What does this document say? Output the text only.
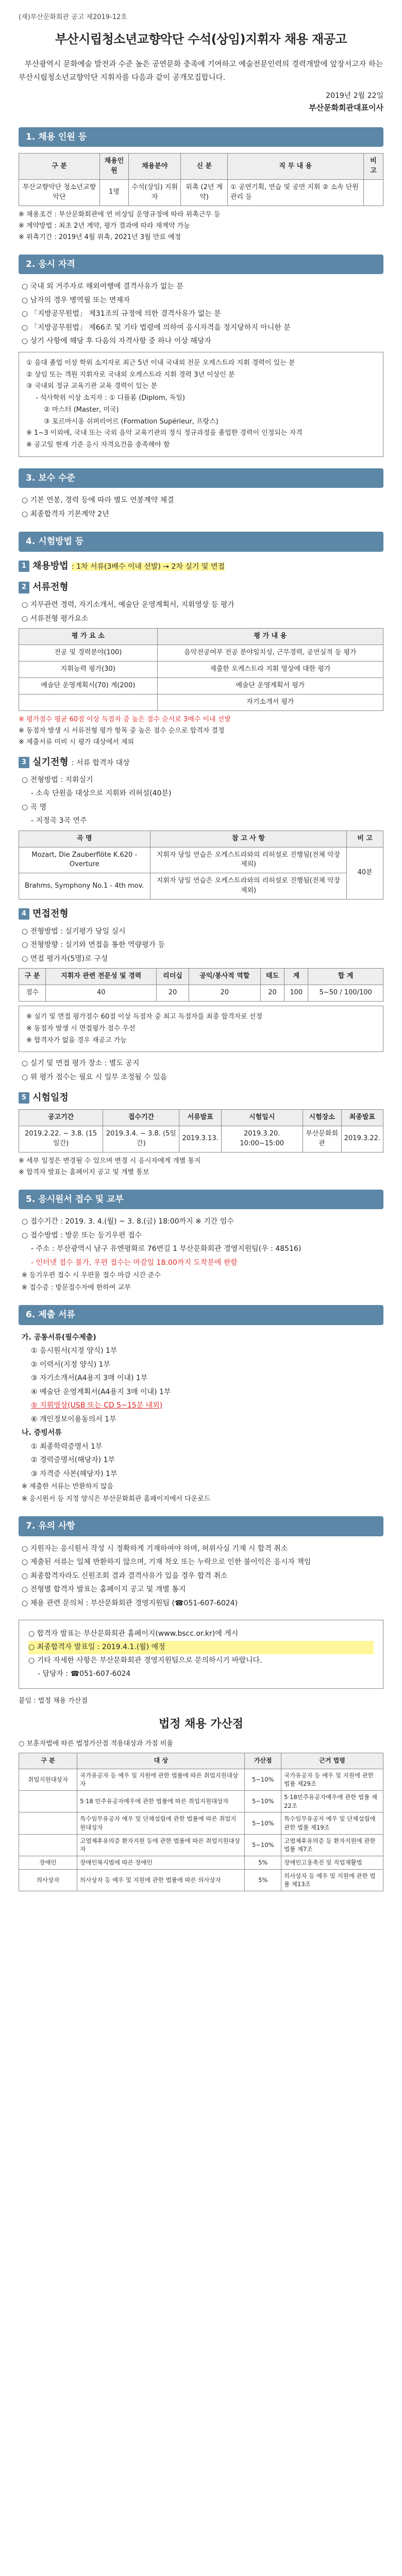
(재)부산문화회관 공고 제2019-12호
부산시립청소년교향악단 수석(상임)지휘자 채용 재공고
부산광역시 문화예술 발전과 수준 높은 공연문화 충족에 기여하고 예술전문인력의 경력개발에 앞장서고자 하는 부산시립청소년교향악단 지휘자를 다음과 같이 공개모집합니다.
2019년 2월 22일
부산문화회관대표이사
1. 채용 인원 등
구 분	채용인원	채용분야	신 분	직 무 내 용	비 고
부산교향악단 청소년교향악단	1명	수석(상임) 지휘자	위촉 (2년 계약)	① 공연기획, 연습 및 공연 지휘 ② 소속 단원관리 등	
※ 채용조건 : 부산문화회관에 연 비상임 운영규정에 따라 위촉근무 등
※ 계약방법 : 최초 2년 계약, 평가 결과에 따라 재계약 가능
※ 위촉기간 : 2019년 4월 위촉, 2021년 3월 만료 예정
2. 응시 자격
○ 국내 외 거주자로 해외여행에 결격사유가 없는 분
○ 남자의 경우 병역필 또는 면제자
○ 「지방공무원법」 제31조의 규정에 의한 결격사유가 없는 분
○ 「지방공무원법」 제66조 및 기타 법령에 의하여 응시자격을 정지당하지 아니한 분
○ 상기 사항에 해당 후 다음의 자격사항 중 하나 이상 해당자
① 음대 졸업 이상 학위 소지자로 최근 5년 이내 국내외 전문 오케스트라 지휘 경력이 있는 분
② 상임 또는 객원 지휘자로 국내외 오케스트라 지휘 경력 3년 이상인 분
③ 국내외 정규 교육기관 교육 경력이 있는 분
- 석사학위 이상 소지자 : ① 디플롬 (Diplom, 독일)
② 마스터 (Master, 미국)
③ 포르마시옹 쉬퍼리어르 (Formation Supérieur, 프랑스)
※ 1~3 이외에, 국내 또는 국외 음악 교육기관의 정식 정규과정을 졸업한 경력이 인정되는 자격
※ 공고일 현재 기준 응시 자격요건을 충족해야 함
3. 보수 수준
○ 기본 연봉, 경력 등에 따라 별도 연봉계약 체결
○ 최종합격자 기본계약 2년
4. 시험방법 등
1 채용방법 : 1차 서류(3배수 이내 선발) → 2차 실기 및 면접
2 서류전형
○ 지무관련 경력, 자기소개서, 예술단 운영계획서, 지휘영상 등 평가
○ 서류전형 평가요소
평 가 요 소	평 가 내 용
전공 및 경력분야(100)	음악전공여부 전공 분야일치성, 근무경력, 공연실적 등 평가
지휘능력 평가(30)	제출한 오케스트라 지휘 영상에 대한 평가
예술단 운영계획서(70) 계(200)	예술단 운영계획서 평가
	자기소개서 평가
※ 평가점수 평균 60점 이상 득점자 중 높은 점수 순서로 3배수 이내 선발
※ 동점자 발생 시 서류전형 평가 항목 중 높은 점수 순으로 합격자 결정
※ 제출서류 미비 시 평가 대상에서 제외
3 실기전형 : 서류 합격자 대상
○ 전형방법 : 지휘실기
- 소속 단원을 대상으로 지휘와 리허설(40분)
○ 곡 명
- 지정곡 3곡 연주
곡 명	참 고 사 항	비 고
Mozart, Die Zauberflöte K.620 - Overture	지휘자 당일 연습은 오케스트라와의 리허설로 진행됨(전체 악장 제외)	40분
Brahms, Symphony No.1 - 4th mov.	지휘자 당일 연습은 오케스트라와의 리허설로 진행됨(전체 악장 제외)	
4 면접전형
○ 전형방법 : 실기평가 당일 실시
○ 전형방향 : 실기와 면접을 통한 역량평가 등
○ 면접 평가자(5명)로 구성
구 분	지휘자 관련 전문성 및 경력	리더십	공익/봉사적 역할	태도	계	합 계
점수	40	20	20	20	100	5~50 / 100/100
※ 실기 및 면접 평가점수 60점 이상 득점자 중 최고 득점자를 최종 합격자로 선정
※ 동점자 발생 시 면접평가 점수 우선
※ 합격자가 없을 경우 재공고 가능
○ 실기 및 면접 평가 장소 : 별도 공지
○ 위 평가 점수는 필요 시 일부 조정될 수 있음
5 시험일정
공고기간	접수기간	서류발표	시험일시	시험장소	최종발표
2019.2.22. ~ 3.8. (15일간)	2019.3.4. ~ 3.8. (5일간)	2019.3.13.	2019.3.20. 10:00~15:00	부산문화회관	2019.3.22.
※ 세부 일정은 변경될 수 있으며 변경 시 응시자에게 개별 통지
※ 합격자 발표는 홈페이지 공고 및 개별 통보
5. 응시원서 접수 및 교부
○ 접수기간 : 2019. 3. 4.(월) ~ 3. 8.(금) 18:00까지 ※ 기간 엄수
○ 접수방법 : 방문 또는 등기우편 접수
- 주소 : 부산광역시 남구 유엔평화로 76번길 1 부산문화회관 경영지원팀(우 : 48516)
- 인터넷 접수 불가, 우편 접수는 마감일 18:00까지 도착분에 한함
※ 등기우편 접수 시 우편물 접수 마감 시간 준수
※ 접수증 : 방문접수자에 한하여 교부
6. 제출 서류
가. 공통서류(필수제출)
① 응시원서(지정 양식) 1부
② 이력서(지정 양식) 1부
③ 자기소개서(A4용지 3매 이내) 1부
④ 예술단 운영계획서(A4용지 3매 이내) 1부
⑤ 지휘영상(USB 또는 CD 5~15분 내외)
⑥ 개인정보이용동의서 1부
나. 증빙서류
① 최종학력증명서 1부
② 경력증명서(해당자) 1부
③ 자격증 사본(해당자) 1부
※ 제출한 서류는 반환하지 않음
※ 응시원서 등 지정 양식은 부산문화회관 홈페이지에서 다운로드
7. 유의 사항
○ 지원자는 응시원서 작성 시 정확하게 기재하여야 하며, 허위사실 기재 시 합격 취소
○ 제출된 서류는 일체 반환하지 않으며, 기재 착오 또는 누락으로 인한 불이익은 응시자 책임
○ 최종합격자라도 신원조회 결과 결격사유가 있을 경우 합격 취소
○ 전형별 합격자 발표는 홈페이지 공고 및 개별 통지
○ 채용 관련 문의처 : 부산문화회관 경영지원팀 (☎051-607-6024)
○ 합격자 발표는 부산문화회관 홈페이지(www.bscc.or.kr)에 게시
○ 최종합격자 발표일 : 2019.4.1.(월) 예정
○ 기타 자세한 사항은 부산문화회관 경영지원팀으로 문의하시기 바랍니다.
- 담당자 : ☎051-607-6024
붙임 : 법정 채용 가산점
법정 채용 가산점
○ 보훈자법에 따른 법정가산점 적용대상과 가점 비율
구 분	대 상	가산점	근거 법령
취업지원대상자	국가유공자 등 예우 및 지원에 관한 법률에 따른 취업지원대상자	5~10%	국가유공자 등 예우 및 지원에 관한 법률 제29조
	5·18 민주유공자예우에 관한 법률에 따른 취업지원대상자	5~10%	5·18민주유공자예우에 관한 법률 제22조
	특수임무유공자 예우 및 단체설립에 관한 법률에 따른 취업지원대상자	5~10%	특수임무유공자 예우 및 단체설립에 관한 법률 제19조
	고엽제후유의증 환자지원 등에 관한 법률에 따른 취업지원대상자	5~10%	고엽제후유의증 등 환자지원에 관한 법률 제7조
장애인	장애인복지법에 따른 장애인	5%	장애인고용촉진 및 직업재활법
의사상자	의사상자 등 예우 및 지원에 관한 법률에 따른 의사상자	5%	의사상자 등 예우 및 지원에 관한 법률 제13조
